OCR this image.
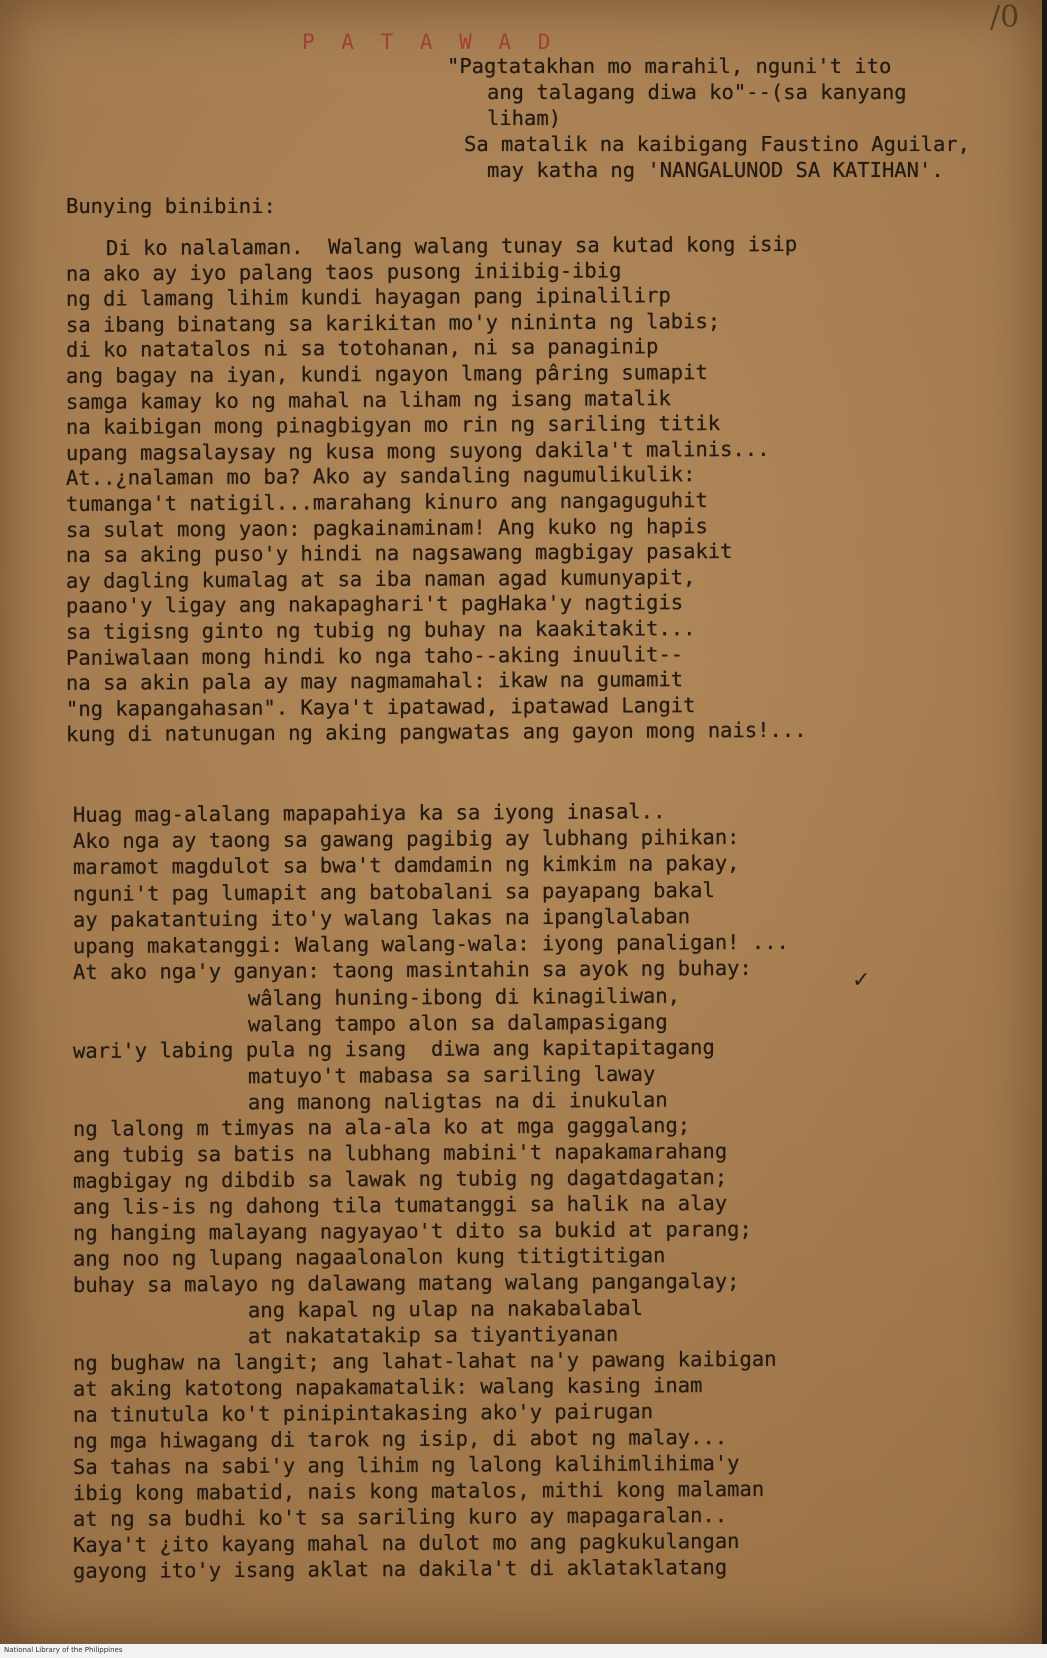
/0
P A T A W A D
"Pagtatakhan mo marahil, nguni't ito
ang talagang diwa ko"--(sa kanyang
liham)
Sa matalik na kaibigang Faustino Aguilar,
may katha ng 'NANGALUNOD SA KATIHAN'.
Bunying binibini:
Di ko nalalaman.  Walang walang tunay sa kutad kong isip
na ako ay iyo palang taos pusong iniibig-ibig
ng di lamang lihim kundi hayagan pang ipinalilirp
sa ibang binatang sa karikitan mo'y nininta ng labis;
di ko natatalos ni sa totohanan, ni sa panaginip
ang bagay na iyan, kundi ngayon lmang pâring sumapit
samga kamay ko ng mahal na liham ng isang matalik
na kaibigan mong pinagbigyan mo rin ng sariling titik
upang magsalaysay ng kusa mong suyong dakila't malinis...
At..¿nalaman mo ba? Ako ay sandaling nagumulikulik:
tumanga't natigil...marahang kinuro ang nangaguguhit
sa sulat mong yaon: pagkainaminam! Ang kuko ng hapis
na sa aking puso'y hindi na nagsawang magbigay pasakit
ay dagling kumalag at sa iba naman agad kumunyapit,
paano'y ligay ang nakapaghari't pagHaka'y nagtigis
sa tigisng ginto ng tubig ng buhay na kaakitakit...
Paniwalaan mong hindi ko nga taho--aking inuulit--
na sa akin pala ay may nagmamahal: ikaw na gumamit
"ng kapangahasan". Kaya't ipatawad, ipatawad Langit
kung di natunugan ng aking pangwatas ang gayon mong nais!...
Huag mag-alalang mapapahiya ka sa iyong inasal..
Ako nga ay taong sa gawang pagibig ay lubhang pihikan:
maramot magdulot sa bwa't damdamin ng kimkim na pakay,
nguni't pag lumapit ang batobalani sa payapang bakal
ay pakatantuing ito'y walang lakas na ipanglalaban
upang makatanggi: Walang walang-wala: iyong panaligan! ...
At ako nga'y ganyan: taong masintahin sa ayok ng buhay:
wâlang huning-ibong di kinagiliwan,
walang tampo alon sa dalampasigang
wari'y labing pula ng isang  diwa ang kapitapitagang
matuyo't mabasa sa sariling laway
ang manong naligtas na di inukulan
ng lalong m timyas na ala-ala ko at mga gaggalang;
ang tubig sa batis na lubhang mabini't napakamarahang
magbigay ng dibdib sa lawak ng tubig ng dagatdagatan;
ang lis-is ng dahong tila tumatanggi sa halik na alay
ng hanging malayang nagyayao't dito sa bukid at parang;
ang noo ng lupang nagaalonalon kung titigtitigan
buhay sa malayo ng dalawang matang walang pangangalay;
ang kapal ng ulap na nakabalabal
at nakatatakip sa tiyantiyanan
ng bughaw na langit; ang lahat-lahat na'y pawang kaibigan
at aking katotong napakamatalik: walang kasing inam
na tinutula ko't pinipintakasing ako'y pairugan
ng mga hiwagang di tarok ng isip, di abot ng malay...
Sa tahas na sabi'y ang lihim ng lalong kalihimlihima'y
ibig kong mabatid, nais kong matalos, mithi kong malaman
at ng sa budhi ko't sa sariling kuro ay mapagaralan..
Kaya't ¿ito kayang mahal na dulot mo ang pagkukulangan
gayong ito'y isang aklat na dakila't di aklataklatang
✓
National Library of the Philippines
